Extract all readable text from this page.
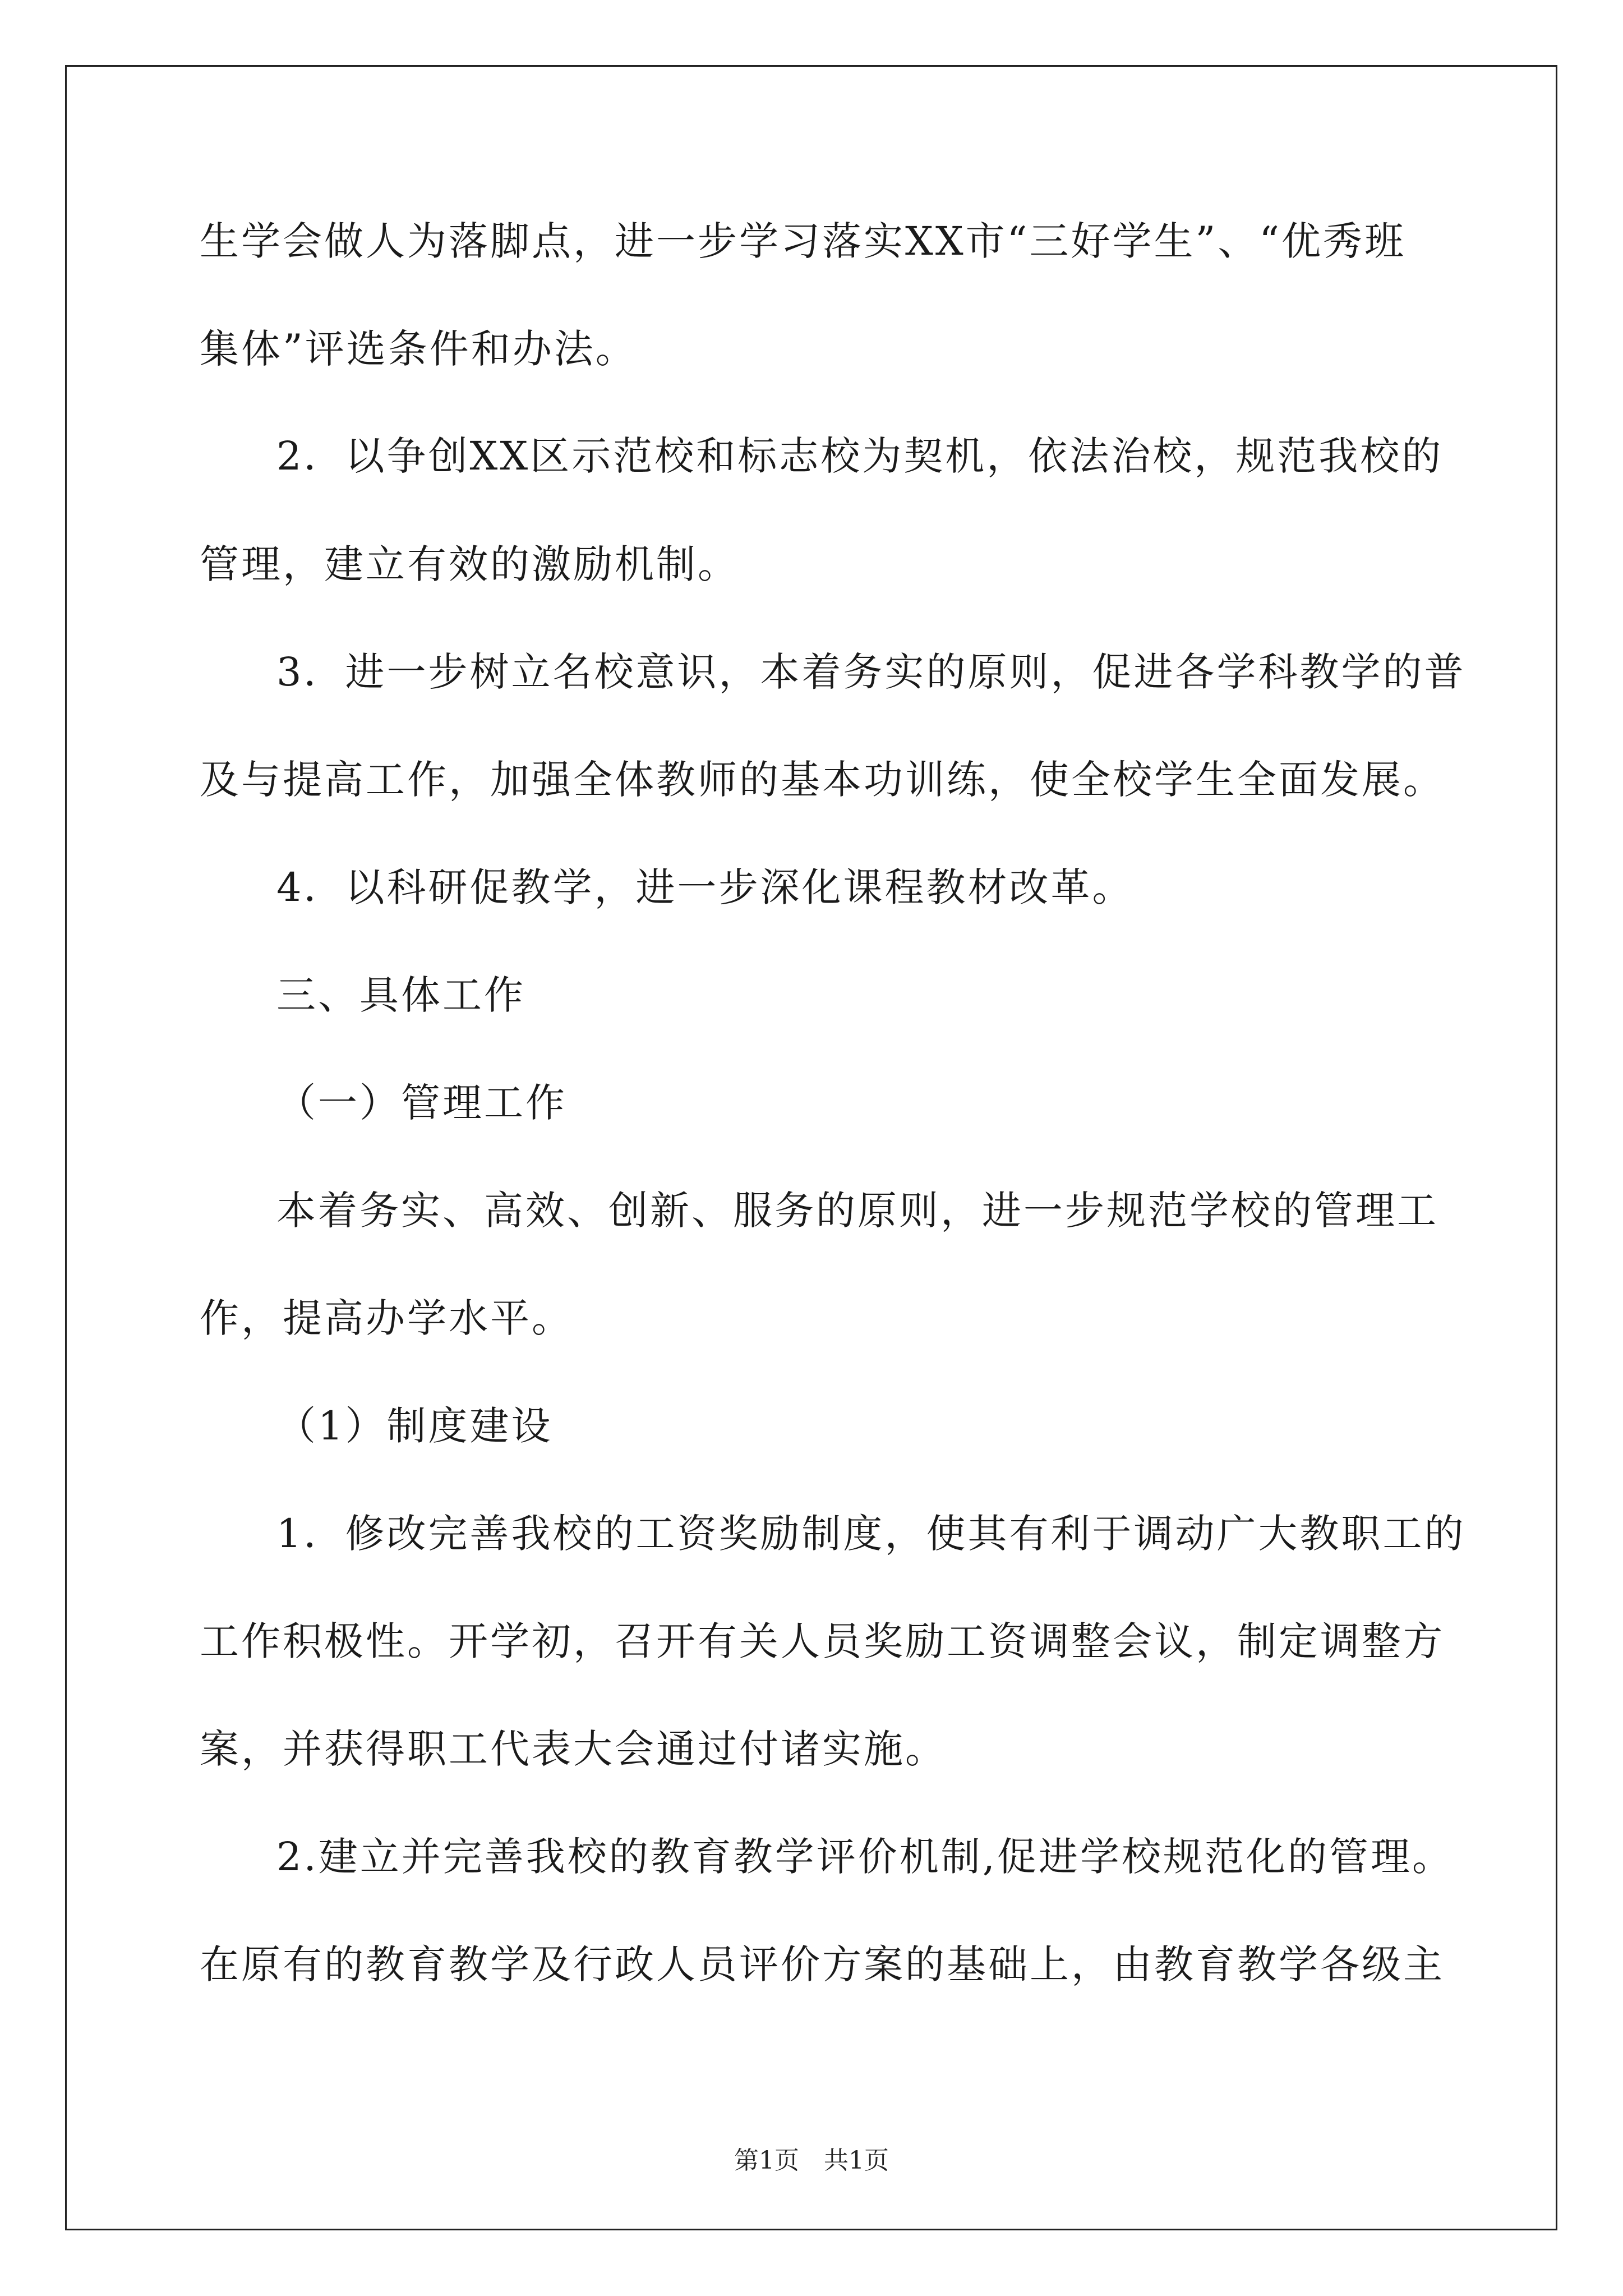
生学会做人为落脚点，进一步学习落实XX市“三好学生”、“优秀班
集体”评选条件和办法。
2．以争创XX区示范校和标志校为契机，依法治校，规范我校的
管理，建立有效的激励机制。
3．进一步树立名校意识，本着务实的原则，促进各学科教学的普
及与提高工作，加强全体教师的基本功训练，使全校学生全面发展。
4．以科研促教学，进一步深化课程教材改革。
三、具体工作
（一）管理工作
本着务实、高效、创新、服务的原则，进一步规范学校的管理工
作，提高办学水平。
（1）制度建设
1．修改完善我校的工资奖励制度，使其有利于调动广大教职工的
工作积极性。开学初，召开有关人员奖励工资调整会议，制定调整方
案，并获得职工代表大会通过付诸实施。
2.建立并完善我校的教育教学评价机制,促进学校规范化的管理。
在原有的教育教学及行政人员评价方案的基础上，由教育教学各级主
第1页　共1页
